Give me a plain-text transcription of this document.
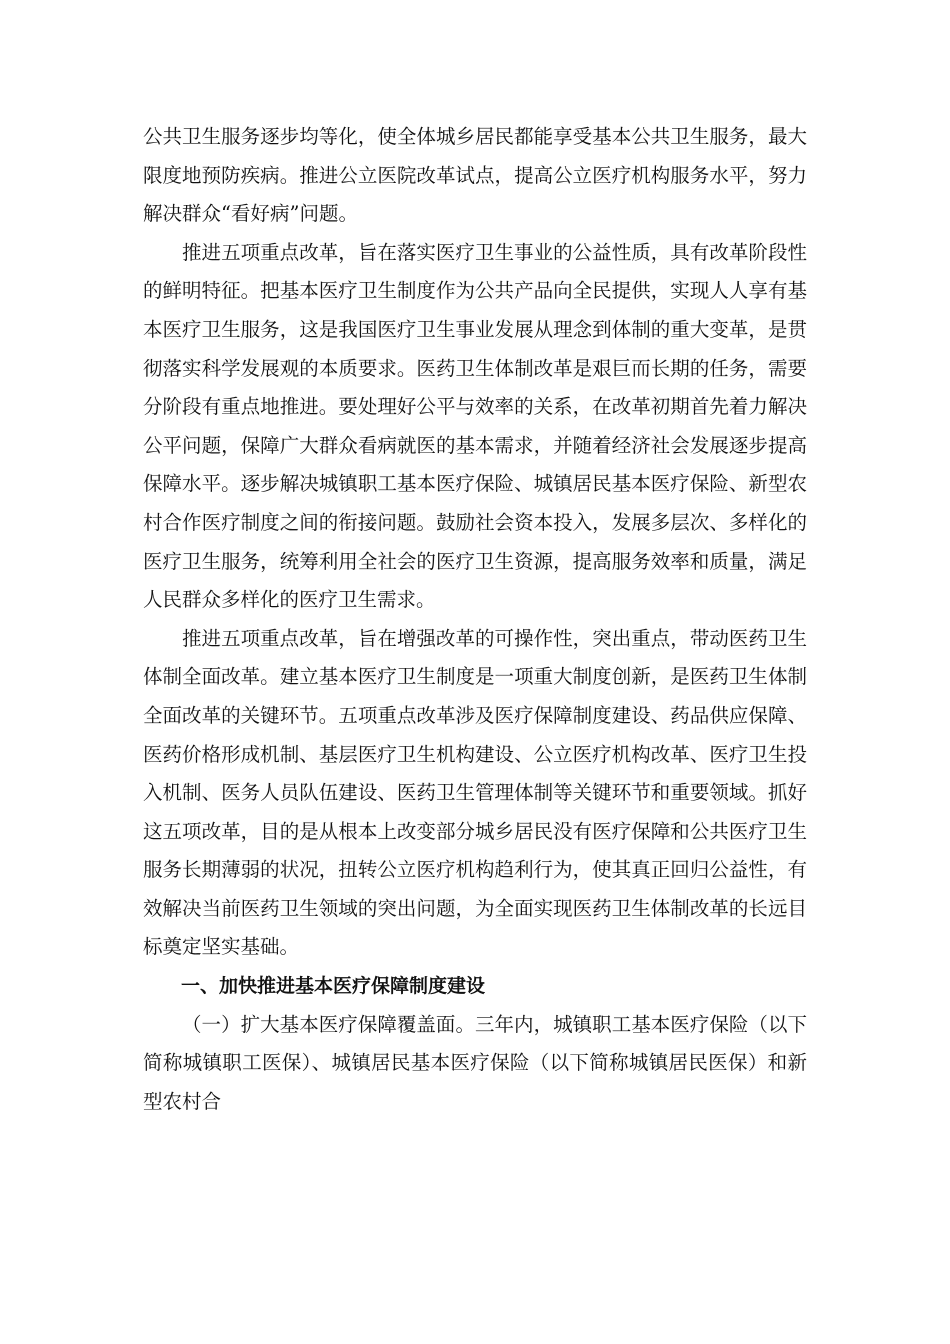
公共卫生服务逐步均等化，使全体城乡居民都能享受基本公共卫生服务，最大限度地预防疾病。推进公立医院改革试点，提高公立医疗机构服务水平，努力解决群众“看好病”问题。

推进五项重点改革，旨在落实医疗卫生事业的公益性质，具有改革阶段性的鲜明特征。把基本医疗卫生制度作为公共产品向全民提供，实现人人享有基本医疗卫生服务，这是我国医疗卫生事业发展从理念到体制的重大变革，是贯彻落实科学发展观的本质要求。医药卫生体制改革是艰巨而长期的任务，需要分阶段有重点地推进。要处理好公平与效率的关系，在改革初期首先着力解决公平问题，保障广大群众看病就医的基本需求，并随着经济社会发展逐步提高保障水平。逐步解决城镇职工基本医疗保险、城镇居民基本医疗保险、新型农村合作医疗制度之间的衔接问题。鼓励社会资本投入，发展多层次、多样化的医疗卫生服务，统筹利用全社会的医疗卫生资源，提高服务效率和质量，满足人民群众多样化的医疗卫生需求。

推进五项重点改革，旨在增强改革的可操作性，突出重点，带动医药卫生体制全面改革。建立基本医疗卫生制度是一项重大制度创新，是医药卫生体制全面改革的关键环节。五项重点改革涉及医疗保障制度建设、药品供应保障、医药价格形成机制、基层医疗卫生机构建设、公立医疗机构改革、医疗卫生投入机制、医务人员队伍建设、医药卫生管理体制等关键环节和重要领域。抓好这五项改革，目的是从根本上改变部分城乡居民没有医疗保障和公共医疗卫生服务长期薄弱的状况，扭转公立医疗机构趋利行为，使其真正回归公益性，有效解决当前医药卫生领域的突出问题，为全面实现医药卫生体制改革的长远目标奠定坚实基础。

一、加快推进基本医疗保障制度建设

（一）扩大基本医疗保障覆盖面。三年内，城镇职工基本医疗保险（以下简称城镇职工医保）、城镇居民基本医疗保险（以下简称城镇居民医保）和新型农村合
